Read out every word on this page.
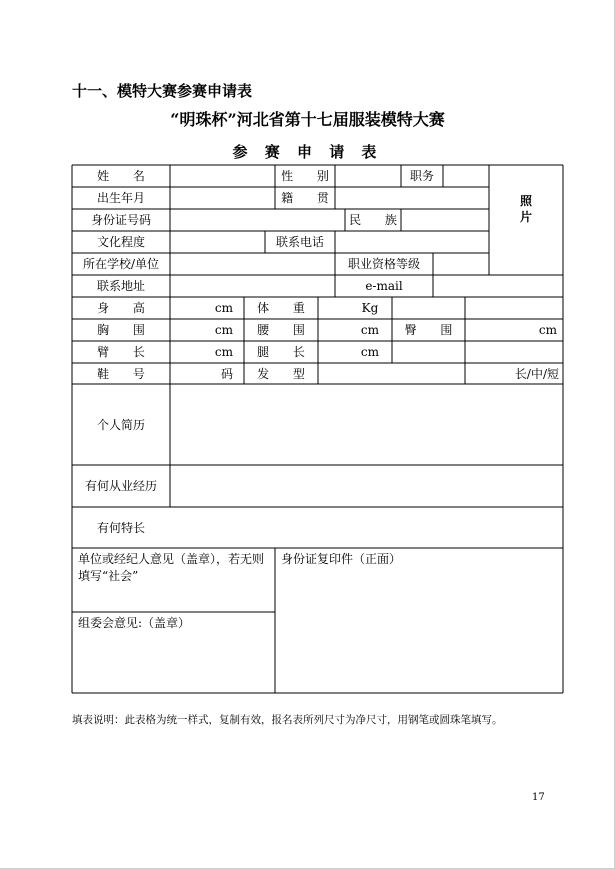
十一、模特大赛参赛申请表
“明珠杯”河北省第十七届服装模特大赛
参 赛 申 请 表
姓 名	性 别	职务
照 片
出生年月	籍 贯
身份证号码	民 族
文化程度	联系电话
所在学校/单位	职业资格等级
联系地址	e-mail
身 高	cm	体 重	Kg
胸 围	cm	腰 围	cm	臀 围	cm
臂 长	cm	腿 长	cm
鞋 号	码	发 型	长/中/短
个人简历
有何从业经历
有何特长
单位或经纪人意见（盖章），若无则填写“社会”
身份证复印件（正面）
组委会意见:（盖章）
填表说明：此表格为统一样式，复制有效，报名表所列尺寸为净尺寸，用钢笔或圆珠笔填写。
17
